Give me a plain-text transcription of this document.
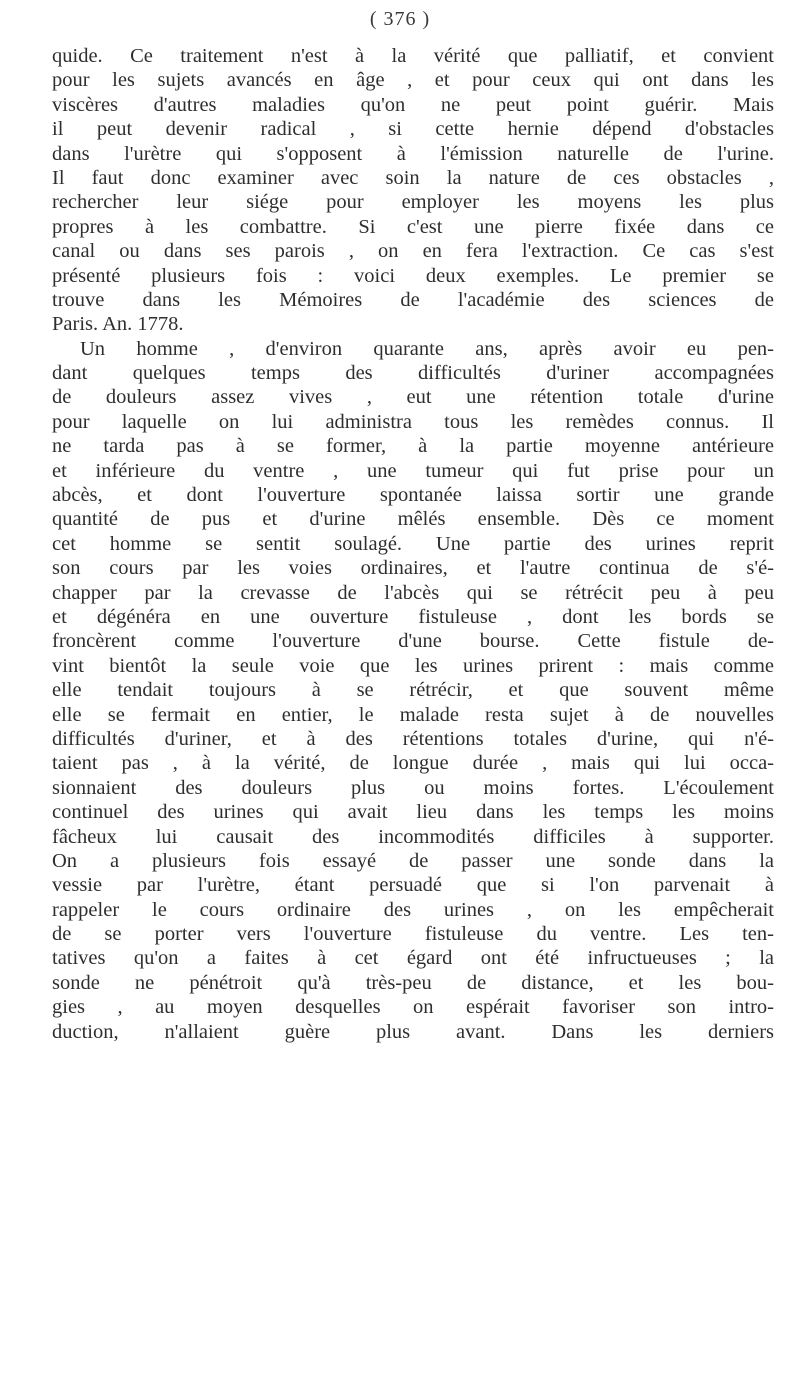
( 376 )
quide. Ce traitement n'est à la vérité que palliatif, et convient
pour les sujets avancés en âge , et pour ceux qui ont dans les
viscères d'autres maladies qu'on ne peut point guérir. Mais
il peut devenir radical , si cette hernie dépend d'obstacles
dans l'urètre qui s'opposent à l'émission naturelle de l'urine.
Il faut donc examiner avec soin la nature de ces obstacles ,
rechercher leur siége pour employer les moyens les plus
propres à les combattre. Si c'est une pierre fixée dans ce
canal ou dans ses parois , on en fera l'extraction. Ce cas s'est
présenté plusieurs fois : voici deux exemples. Le premier se
trouve dans les Mémoires de l'académie des sciences de
Paris. An. 1778.
Un homme , d'environ quarante ans, après avoir eu pen-
dant quelques temps des difficultés d'uriner accompagnées
de douleurs assez vives , eut une rétention totale d'urine
pour laquelle on lui administra tous les remèdes connus. Il
ne tarda pas à se former, à la partie moyenne antérieure
et inférieure du ventre , une tumeur qui fut prise pour un
abcès, et dont l'ouverture spontanée laissa sortir une grande
quantité de pus et d'urine mêlés ensemble. Dès ce moment
cet homme se sentit soulagé. Une partie des urines reprit
son cours par les voies ordinaires, et l'autre continua de s'é-
chapper par la crevasse de l'abcès qui se rétrécit peu à peu
et dégénéra en une ouverture fistuleuse , dont les bords se
froncèrent comme l'ouverture d'une bourse. Cette fistule de-
vint bientôt la seule voie que les urines prirent : mais comme
elle tendait toujours à se rétrécir, et que souvent même
elle se fermait en entier, le malade resta sujet à de nouvelles
difficultés d'uriner, et à des rétentions totales d'urine, qui n'é-
taient pas , à la vérité, de longue durée , mais qui lui occa-
sionnaient des douleurs plus ou moins fortes. L'écoulement
continuel des urines qui avait lieu dans les temps les moins
fâcheux lui causait des incommodités difficiles à supporter.
On a plusieurs fois essayé de passer une sonde dans la
vessie par l'urètre, étant persuadé que si l'on parvenait à
rappeler le cours ordinaire des urines , on les empêcherait
de se porter vers l'ouverture fistuleuse du ventre. Les ten-
tatives qu'on a faites à cet égard ont été infructueuses ; la
sonde ne pénétroit qu'à très-peu de distance, et les bou-
gies , au moyen desquelles on espérait favoriser son intro-
duction, n'allaient guère plus avant. Dans les derniers
